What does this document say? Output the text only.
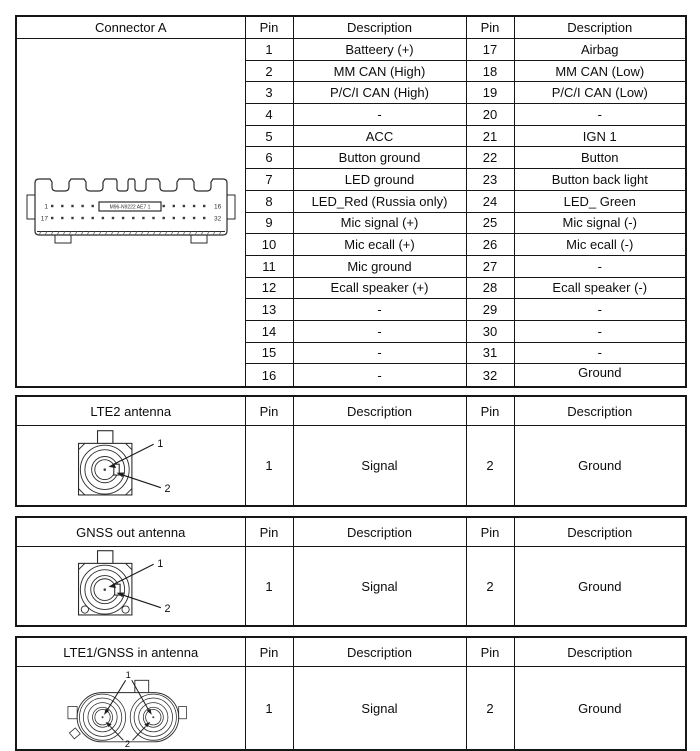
Connector A	Pin	Description	Pin	Description

M96-N9222 AE7 1
1 16
17 32	1	Batteery (+)	17	Airbag
	2	MM CAN (High)	18	MM CAN (Low)
	3	P/C/I CAN (High)	19	P/C/I CAN (Low)
	4	-	20	-
	5	ACC	21	IGN 1
	6	Button ground	22	Button
	7	LED ground	23	Button back light
	8	LED_Red (Russia only)	24	LED_ Green
	9	Mic signal (+)	25	Mic signal (-)
	10	Mic ecall (+)	26	Mic ecall (-)
	11	Mic ground	27	-
	12	Ecall speaker (+)	28	Ecall speaker (-)
	13	-	29	-
	14	-	30	-
	15	-	31	-
	16	-	32	Ground
LTE2 antenna	Pin	Description	Pin	Description

1
2	1	Signal	2	Ground
GNSS out antenna	Pin	Description	Pin	Description

1
2	1	Signal	2	Ground
LTE1/GNSS in antenna	Pin	Description	Pin	Description

1
2	1	Signal	2	Ground
